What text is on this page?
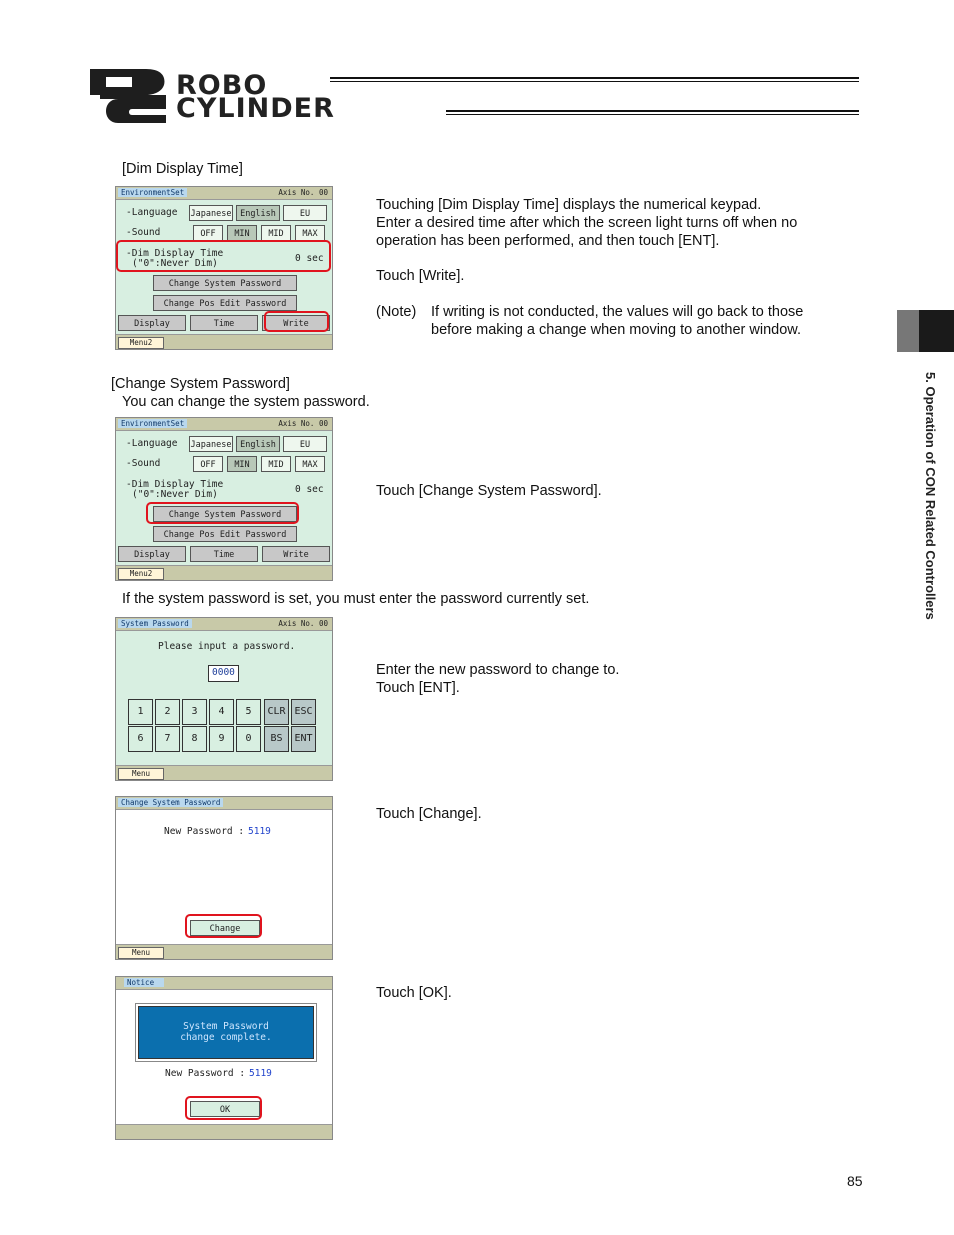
ROBO
CYLINDER
5. Operation of CON Related Controllers
[Dim Display Time]
EnvironmentSet	Axis No. 00
-Language Japanese	English	EU
-Sound	OFF	MIN	MID	MAX
-Dim Display Time
("0":Never Dim)	0 sec
Change System Password
Change Pos Edit Password
Display	Time	Write
Menu2
Touching [Dim Display Time] displays the numerical keypad.
Enter a desired time after which the screen light turns off when no
operation has been performed, and then touch [ENT].
Touch [Write].
(Note) If writing is not conducted, the values will go back to those
before making a change when moving to another window.
[Change System Password]
You can change the system password.
EnvironmentSet	Axis No. 00
-Language Japanese	English	EU
-Sound	OFF	MIN	MID	MAX
-Dim Display Time
("0":Never Dim)	0 sec
Change System Password
Change Pos Edit Password
Display	Time	Write
Menu2
Touch [Change System Password].
If the system password is set, you must enter the password currently set.
System Password	Axis No. 00
Please input a password.
0000
1	2	3	4	5	CLR ESC
6	7	8	9	0	BS	ENT
Menu
Enter the new password to change to.
Touch [ENT].
Change System Password
New Password : 5119
Change
Menu
Touch [Change].
Notice
System Password
change complete.
New Password : 5119
OK
Touch [OK].
85
